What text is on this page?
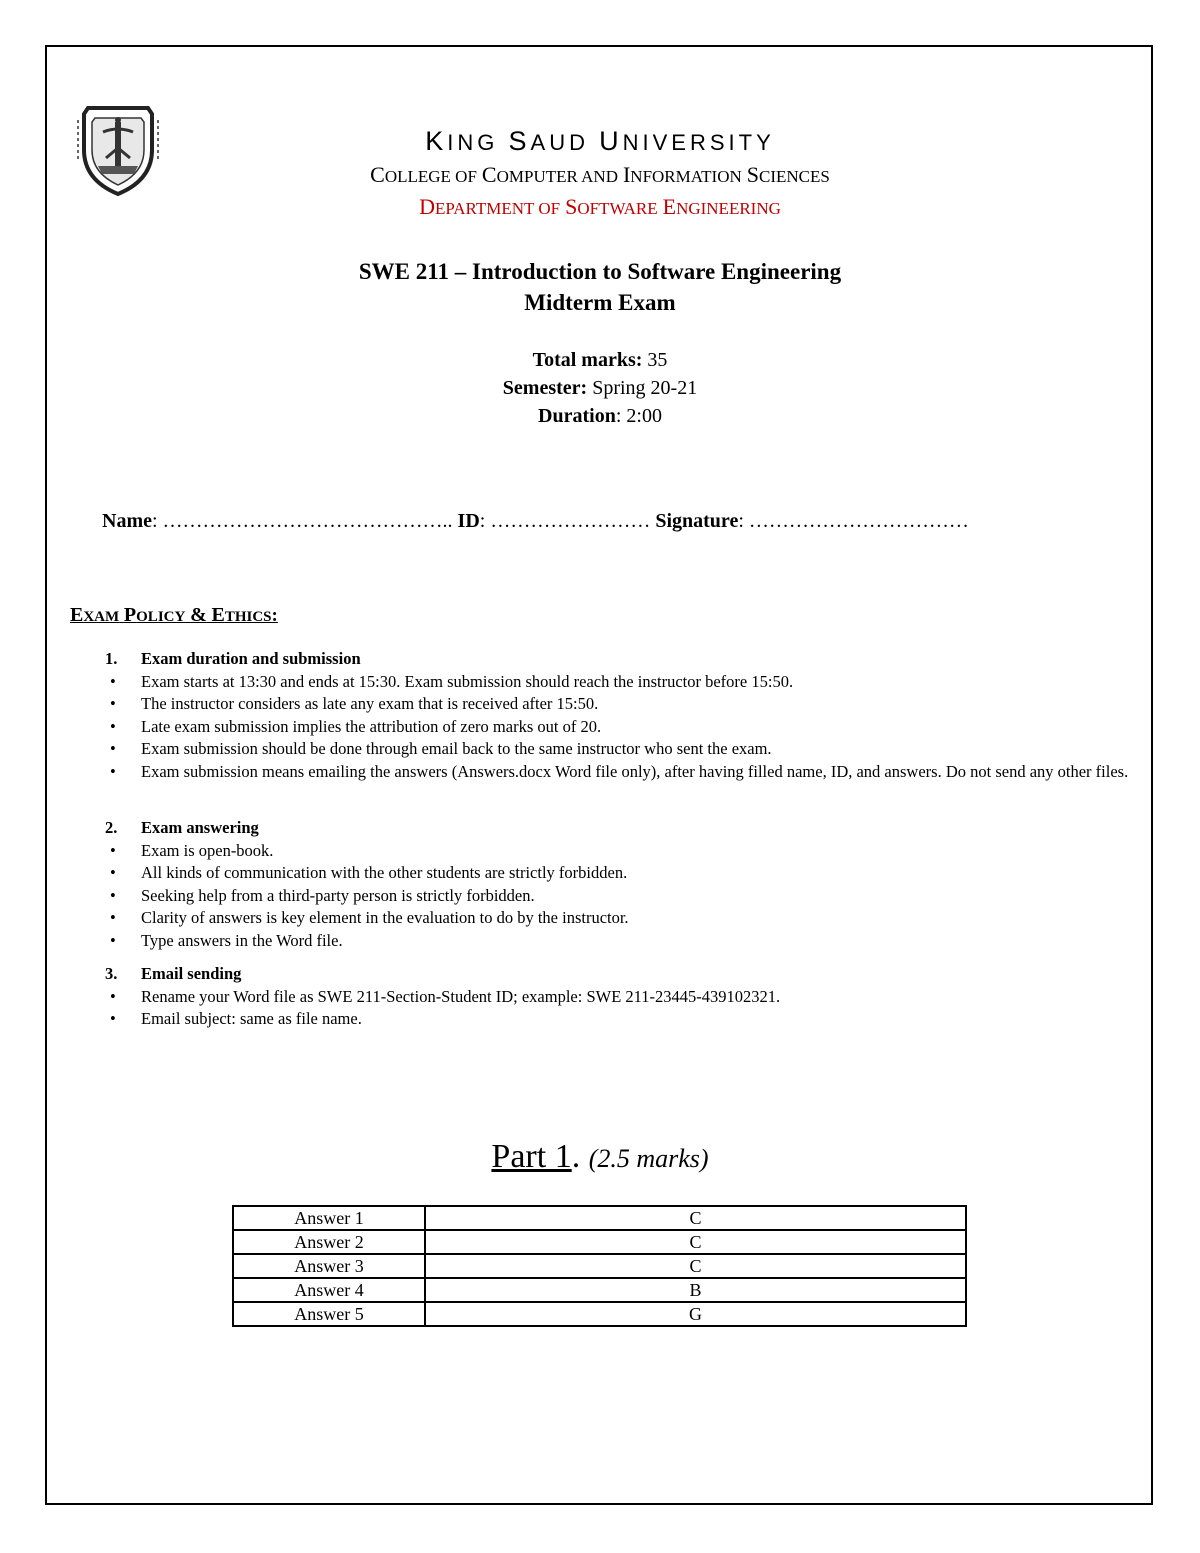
KING SAUD UNIVERSITY
COLLEGE OF COMPUTER AND INFORMATION SCIENCES
DEPARTMENT OF SOFTWARE ENGINEERING
SWE 211 – Introduction to Software Engineering
Midterm Exam
Total marks: 35
Semester: Spring 20-21
Duration: 2:00
Name: …………………………………….. ID: …………………… Signature: ……………………………
EXAM POLICY & ETHICS:
1. Exam duration and submission
• Exam starts at 13:30 and ends at 15:30. Exam submission should reach the instructor before 15:50.
• The instructor considers as late any exam that is received after 15:50.
• Late exam submission implies the attribution of zero marks out of 20.
• Exam submission should be done through email back to the same instructor who sent the exam.
• Exam submission means emailing the answers (Answers.docx Word file only), after having filled name, ID, and answers. Do not send any other files.
2. Exam answering
• Exam is open-book.
• All kinds of communication with the other students are strictly forbidden.
• Seeking help from a third-party person is strictly forbidden.
• Clarity of answers is key element in the evaluation to do by the instructor.
• Type answers in the Word file.
3. Email sending
• Rename your Word file as SWE 211-Section-Student ID; example: SWE 211-23445-439102321.
• Email subject: same as file name.
Part 1. (2.5 marks)
Answer 1	C
Answer 2	C
Answer 3	C
Answer 4	B
Answer 5	G
